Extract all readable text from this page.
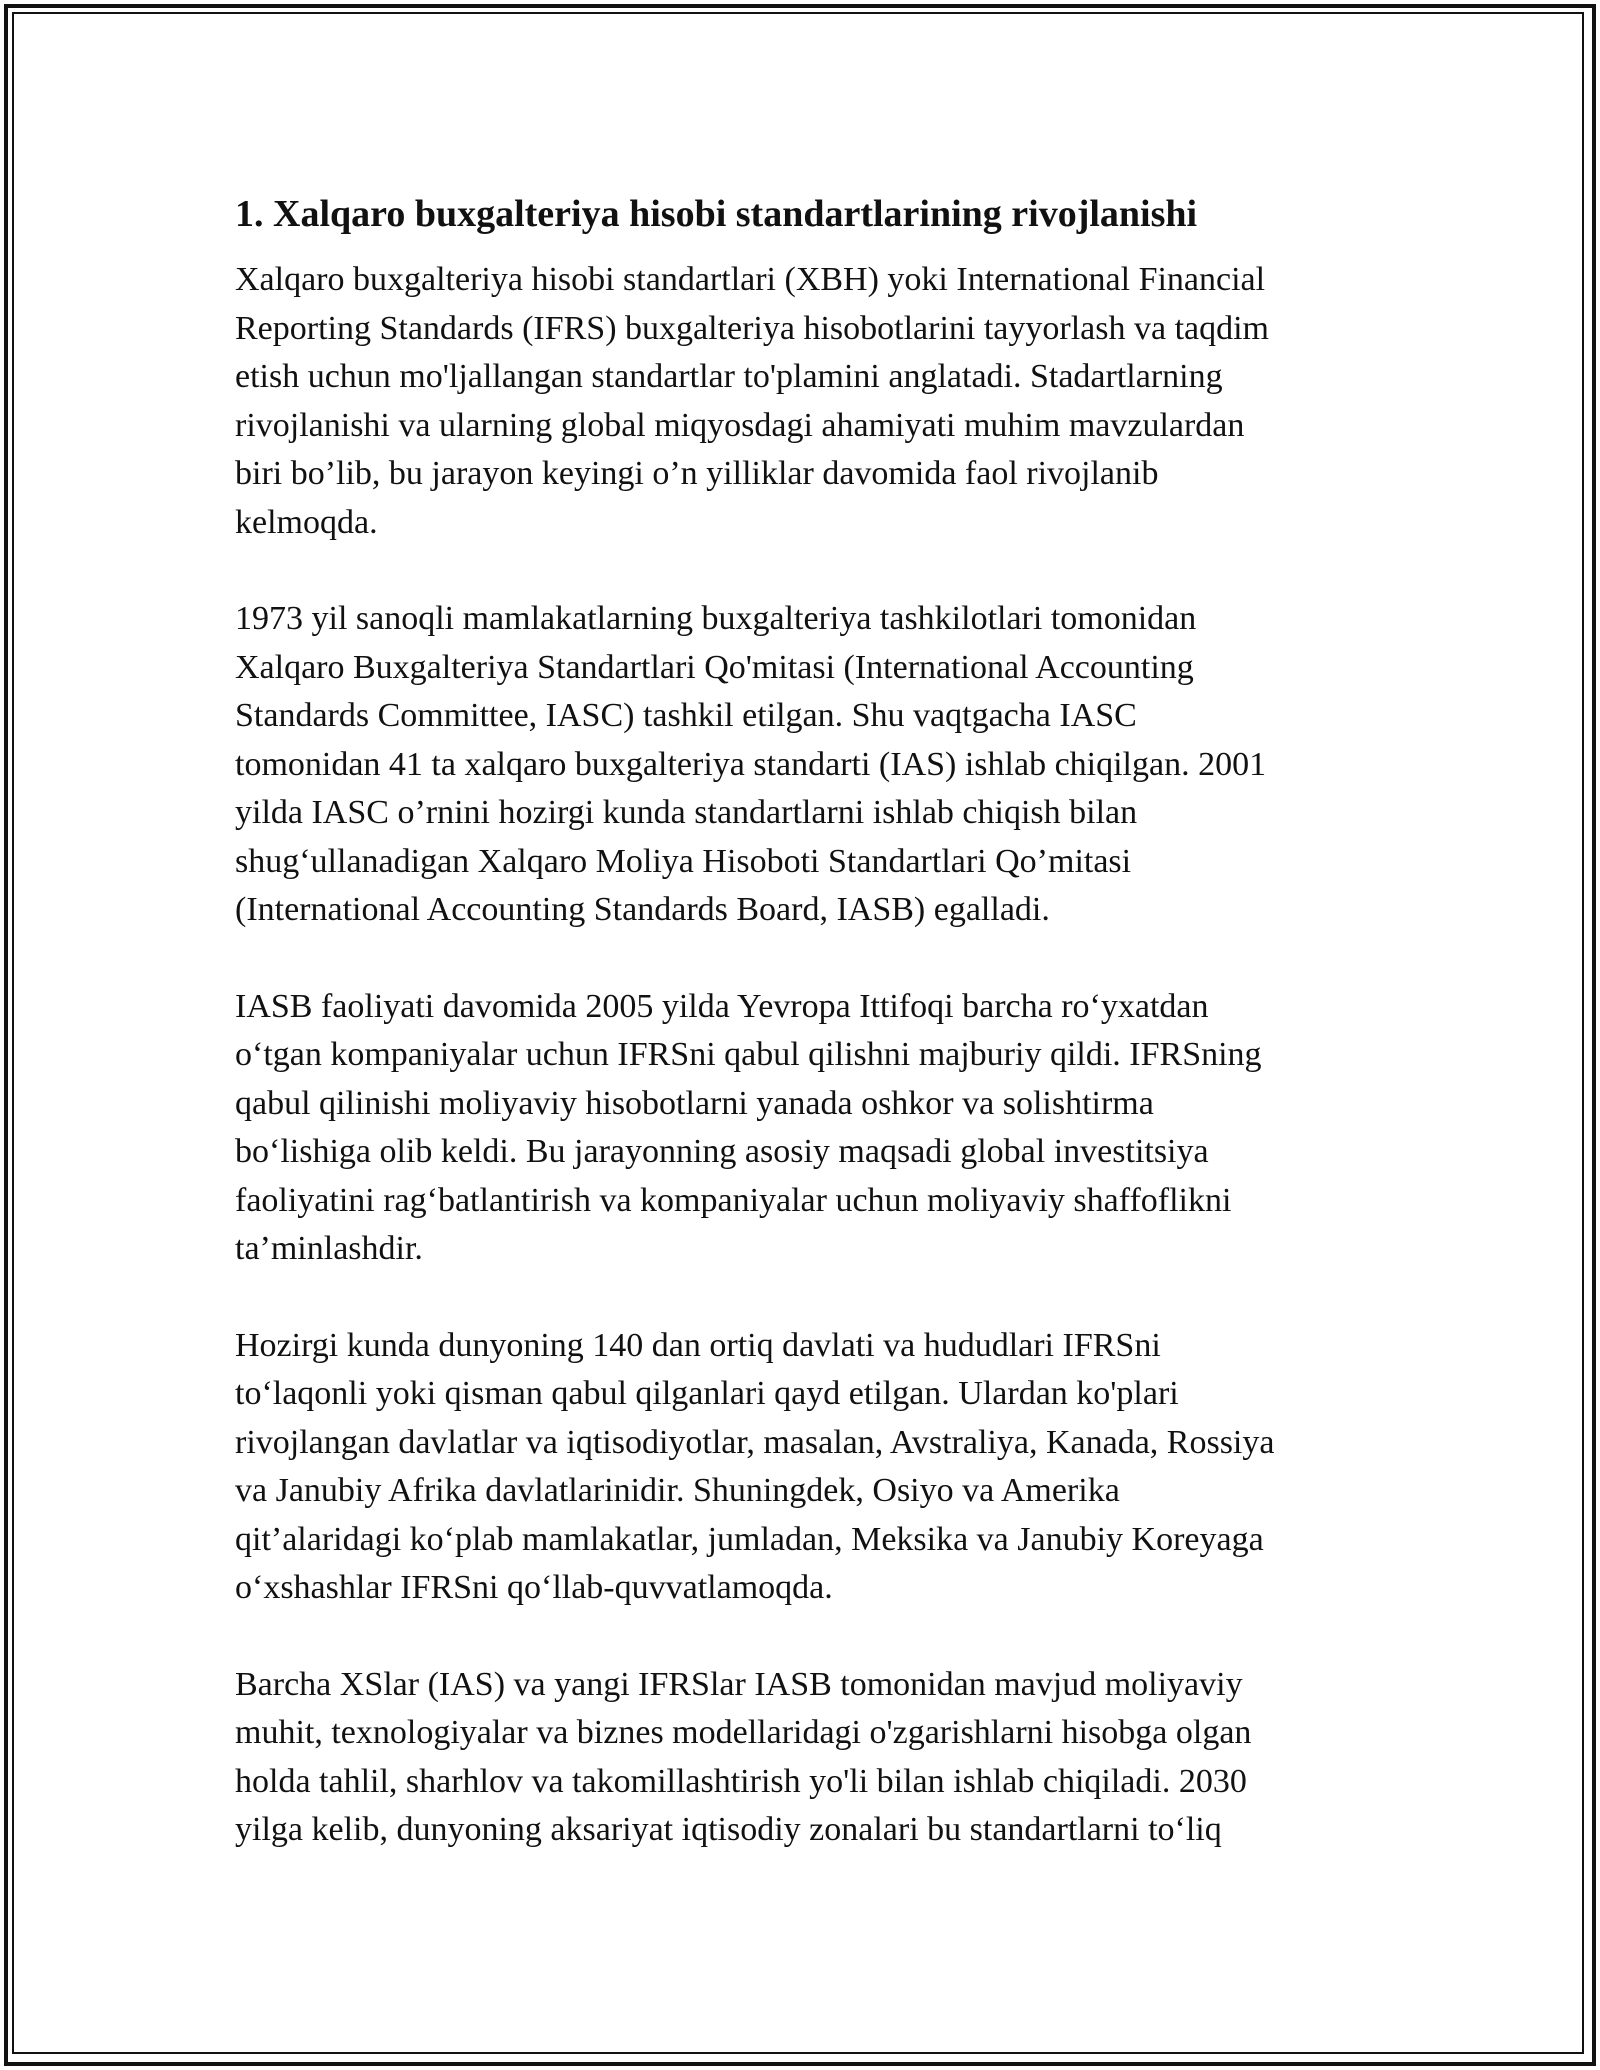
1. Xalqaro buxgalteriya hisobi standartlarining rivojlanishi
Xalqaro buxgalteriya hisobi standartlari (XBH) yoki International Financial
Reporting Standards (IFRS) buxgalteriya hisobotlarini tayyorlash va taqdim
etish uchun mo'ljallangan standartlar to'plamini anglatadi. Stadartlarning
rivojlanishi va ularning global miqyosdagi ahamiyati muhim mavzulardan
biri bo’lib, bu jarayon keyingi o’n yilliklar davomida faol rivojlanib
kelmoqda.
1973 yil sanoqli mamlakatlarning buxgalteriya tashkilotlari tomonidan
Xalqaro Buxgalteriya Standartlari Qo'mitasi (International Accounting
Standards Committee, IASC) tashkil etilgan. Shu vaqtgacha IASC
tomonidan 41 ta xalqaro buxgalteriya standarti (IAS) ishlab chiqilgan. 2001
yilda IASC o’rnini hozirgi kunda standartlarni ishlab chiqish bilan
shug‘ullanadigan Xalqaro Moliya Hisoboti Standartlari Qo’mitasi
(International Accounting Standards Board, IASB) egalladi.
IASB faoliyati davomida 2005 yilda Yevropa Ittifoqi barcha ro‘yxatdan
o‘tgan kompaniyalar uchun IFRSni qabul qilishni majburiy qildi. IFRSning
qabul qilinishi moliyaviy hisobotlarni yanada oshkor va solishtirma
bo‘lishiga olib keldi. Bu jarayonning asosiy maqsadi global investitsiya
faoliyatini rag‘batlantirish va kompaniyalar uchun moliyaviy shaffoflikni
ta’minlashdir.
Hozirgi kunda dunyoning 140 dan ortiq davlati va hududlari IFRSni
to‘laqonli yoki qisman qabul qilganlari qayd etilgan. Ulardan ko'plari
rivojlangan davlatlar va iqtisodiyotlar, masalan, Avstraliya, Kanada, Rossiya
va Janubiy Afrika davlatlarinidir. Shuningdek, Osiyo va Amerika
qit’alaridagi ko‘plab mamlakatlar, jumladan, Meksika va Janubiy Koreyaga
o‘xshashlar IFRSni qo‘llab-quvvatlamoqda.
Barcha XSlar (IAS) va yangi IFRSlar IASB tomonidan mavjud moliyaviy
muhit, texnologiyalar va biznes modellaridagi o'zgarishlarni hisobga olgan
holda tahlil, sharhlov va takomillashtirish yo'li bilan ishlab chiqiladi. 2030
yilga kelib, dunyoning aksariyat iqtisodiy zonalari bu standartlarni to‘liq
